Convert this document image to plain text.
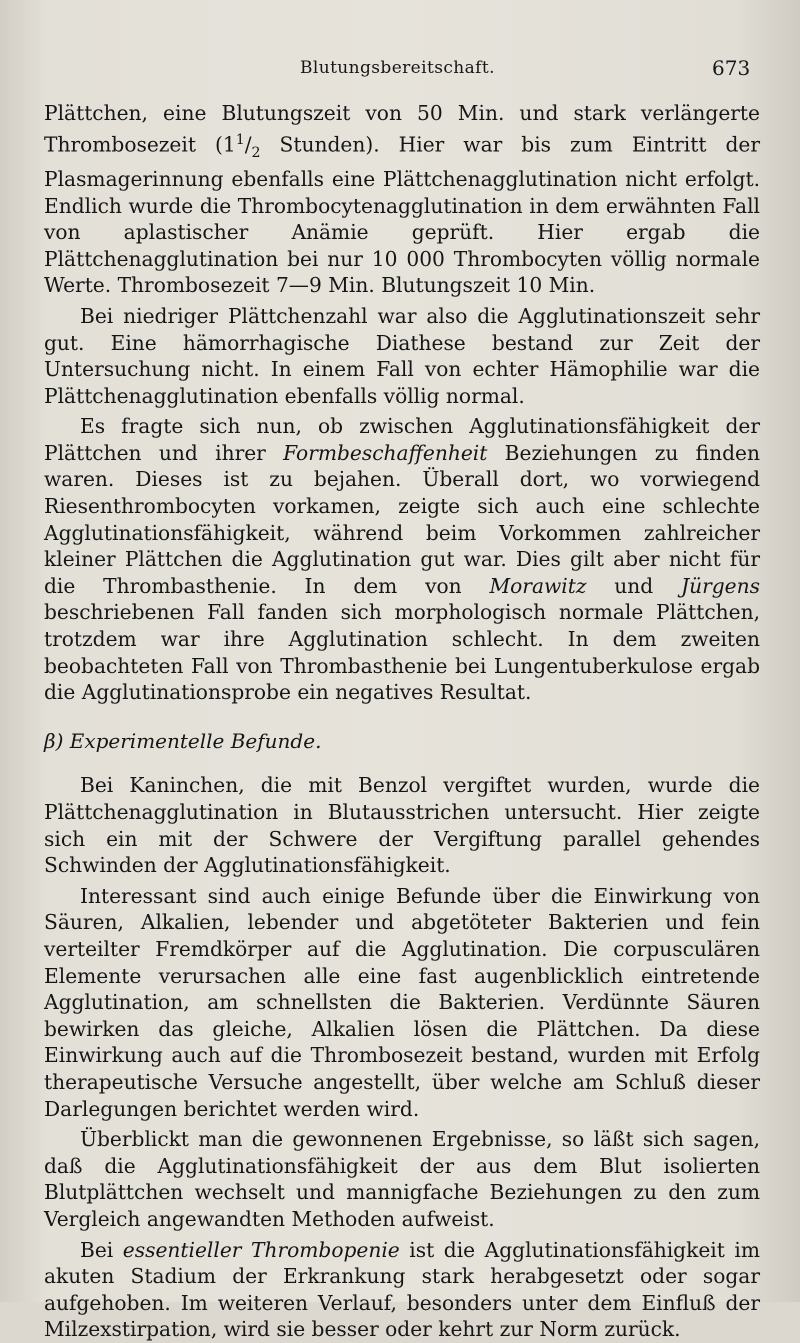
Blutungsbereitschaft.	673

Plättchen, eine Blutungszeit von 50 Min. und stark verlängerte Thrombosezeit ($1^1/_2$ Stunden). Hier war bis zum Eintritt der Plasmagerinnung ebenfalls eine Plättchenagglutination nicht erfolgt. Endlich wurde die Thrombocytenagglutination in dem erwähnten Fall von aplastischer Anämie geprüft. Hier ergab die Plättchenagglutination bei nur 10 000 Thrombocyten völlig normale Werte. Thrombosezeit 7—9 Min. Blutungszeit 10 Min.

Bei niedriger Plättchenzahl war also die Agglutinationszeit sehr gut. Eine hämorrhagische Diathese bestand zur Zeit der Untersuchung nicht. In einem Fall von echter Hämophilie war die Plättchenagglutination ebenfalls völlig normal.

Es fragte sich nun, ob zwischen Agglutinationsfähigkeit der Plättchen und ihrer Formbeschaffenheit Beziehungen zu finden waren. Dieses ist zu bejahen. Überall dort, wo vorwiegend Riesenthrombocyten vorkamen, zeigte sich auch eine schlechte Agglutinationsfähigkeit, während beim Vorkommen zahlreicher kleiner Plättchen die Agglutination gut war. Dies gilt aber nicht für die Thrombasthenie. In dem von Morawitz und Jürgens beschriebenen Fall fanden sich morphologisch normale Plättchen, trotzdem war ihre Agglutination schlecht. In dem zweiten beobachteten Fall von Thrombasthenie bei Lungentuberkulose ergab die Agglutinationsprobe ein negatives Resultat.

β) Experimentelle Befunde.

Bei Kaninchen, die mit Benzol vergiftet wurden, wurde die Plättchenagglutination in Blutausstrichen untersucht. Hier zeigte sich ein mit der Schwere der Vergiftung parallel gehendes Schwinden der Agglutinationsfähigkeit.

Interessant sind auch einige Befunde über die Einwirkung von Säuren, Alkalien, lebender und abgetöteter Bakterien und fein verteilter Fremdkörper auf die Agglutination. Die corpusculären Elemente verursachen alle eine fast augenblicklich eintretende Agglutination, am schnellsten die Bakterien. Verdünnte Säuren bewirken das gleiche, Alkalien lösen die Plättchen. Da diese Einwirkung auch auf die Thrombosezeit bestand, wurden mit Erfolg therapeutische Versuche angestellt, über welche am Schluß dieser Darlegungen berichtet werden wird.

Überblickt man die gewonnenen Ergebnisse, so läßt sich sagen, daß die Agglutinationsfähigkeit der aus dem Blut isolierten Blutplättchen wechselt und mannigfache Beziehungen zu den zum Vergleich angewandten Methoden aufweist.

Bei essentieller Thrombopenie ist die Agglutinationsfähigkeit im akuten Stadium der Erkrankung stark herabgesetzt oder sogar aufgehoben. Im weiteren Verlauf, besonders unter dem Einfluß der Milzexstirpation, wird sie besser oder kehrt zur Norm zurück.
